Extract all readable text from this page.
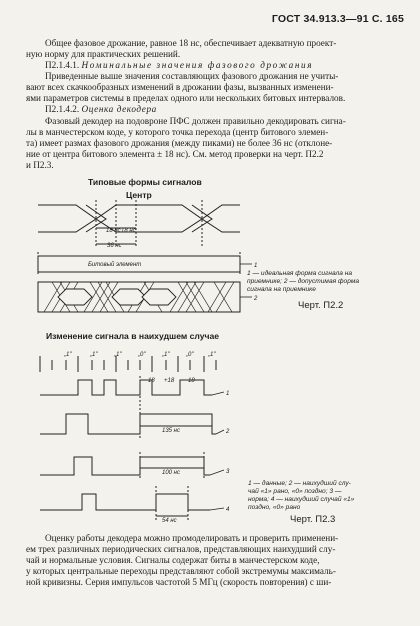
ГОСТ 34.913.3—91 С. 165
Общее фазовое дрожание, равное 18 нс, обеспечивает адекватную проект-
ную норму для практических решений.
П2.1.4.1. Номинальные значения фазового дрожания
Приведенные выше значения составляющих фазового дрожания не учиты-
вают всех скачкообразных изменений в дрожании фазы, вызванных изменени-
ями параметров системы в пределах одного или нескольких битовых интервалов.
П2.1.4.2. Оценка декодера
Фазовый декодер на подовроне ПФС должен правильно декодировать сигна-
лы в манчестерском коде, у которого точка перехода (центр битового элемен-
та) имеет размах фазового дрожания (между пиками) не более 36 нс (отклоне-
ние от центра битового элемента ± 18 нс). См. метод проверки на черт. П2.2
и П2.3.
Типовые формы сигналов
Центр
18 нс 18 нс
36 нс
Битовый элемент	1
2
1 — идеальная форма сигнала на
приемнике; 2 — допустимая форма
сигнала на приемнике
Черт. П2.2
Изменение сигнала в наихудшем случае
„1"	„1"	„1"	„0"	„1"	„0" „1"
-18 +18 -18
135 нс
100 нс
54 нс
1
2
3
4
1 — данные; 2 — наихудший слу-
чай «1» рано, «0» поздно; 3 —
норма; 4 — наихудший случай «1»
поздно, «0» рано
Черт. П2.3
Оценку работы декодера можно промоделировать и проверить применени-
ем трех различных периодических сигналов, представляющих наихудший слу-
чай и нормальные условия. Сигналы содержат биты в манчестерском коде,
у которых центральные переходы представляют собой экстремумы максималь-
ной кривизны. Серия импульсов частотой 5 МГц (скорость повторения) с ши-
